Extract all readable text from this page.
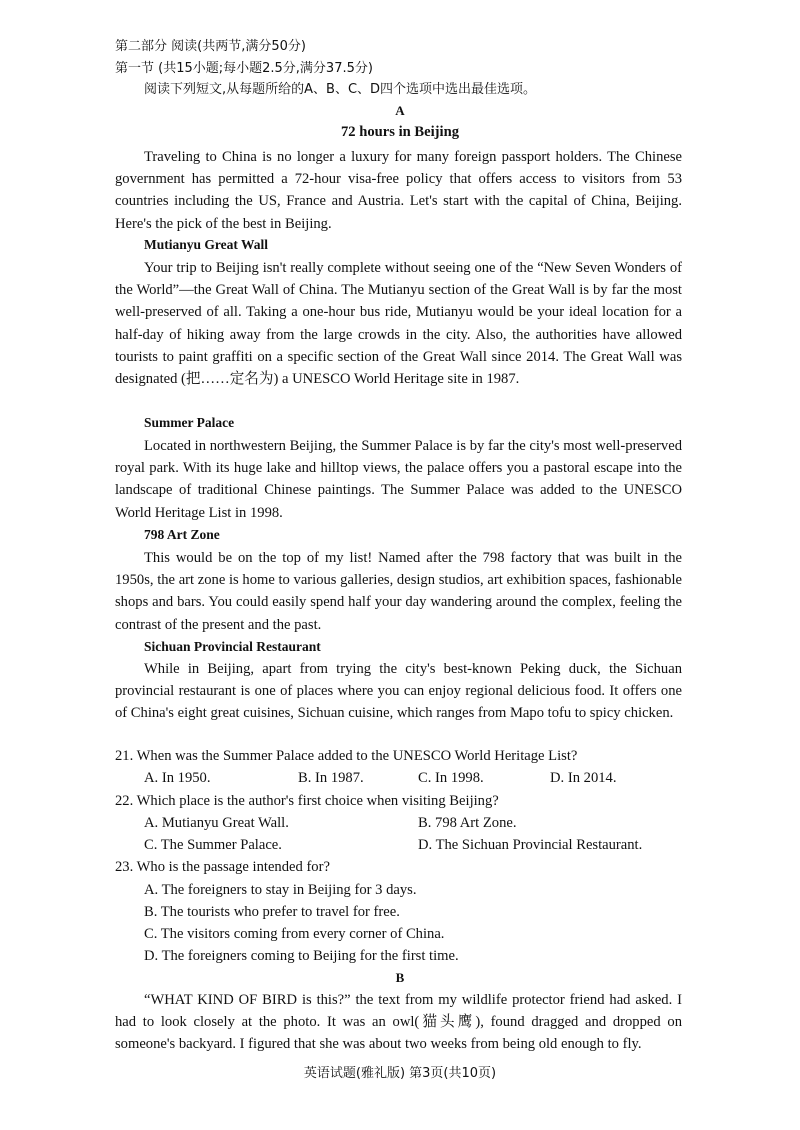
第二部分 阅读(共两节,满分50分)
第一节 (共15小题;每小题2.5分,满分37.5分)
阅读下列短文,从每题所给的A、B、C、D四个选项中选出最佳选项。
A
72 hours in Beijing

Traveling to China is no longer a luxury for many foreign passport holders. The Chinese government has permitted a 72-hour visa-free policy that offers access to visitors from 53 countries including the US, France and Austria. Let's start with the capital of China, Beijing. Here's the pick of the best in Beijing.

Mutianyu Great Wall

Your trip to Beijing isn't really complete without seeing one of the “New Seven Wonders of the World”—the Great Wall of China. The Mutianyu section of the Great Wall is by far the most well-preserved of all. Taking a one-hour bus ride, Mutianyu would be your ideal location for a half-day of hiking away from the large crowds in the city. Also, the authorities have allowed tourists to paint graffiti on a specific section of the Great Wall since 2014. The Great Wall was designated (把……定名为) a UNESCO World Heritage site in 1987.

Summer Palace

Located in northwestern Beijing, the Summer Palace is by far the city's most well-preserved royal park. With its huge lake and hilltop views, the palace offers you a pastoral escape into the landscape of traditional Chinese paintings. The Summer Palace was added to the UNESCO World Heritage List in 1998.

798 Art Zone

This would be on the top of my list! Named after the 798 factory that was built in the 1950s, the art zone is home to various galleries, design studios, art exhibition spaces, fashionable shops and bars. You could easily spend half your day wandering around the complex, feeling the contrast of the present and the past.

Sichuan Provincial Restaurant

While in Beijing, apart from trying the city's best-known Peking duck, the Sichuan provincial restaurant is one of places where you can enjoy regional delicious food. It offers one of China's eight great cuisines, Sichuan cuisine, which ranges from Mapo tofu to spicy chicken.

21. When was the Summer Palace added to the UNESCO World Heritage List?
A. In 1950.	B. In 1987.	C. In 1998.	D. In 2014.
22. Which place is the author's first choice when visiting Beijing?
A. Mutianyu Great Wall.	B. 798 Art Zone.
C. The Summer Palace.	D. The Sichuan Provincial Restaurant.
23. Who is the passage intended for?
A. The foreigners to stay in Beijing for 3 days.
B. The tourists who prefer to travel for free.
C. The visitors coming from every corner of China.
D. The foreigners coming to Beijing for the first time.
B

“WHAT KIND OF BIRD is this?” the text from my wildlife protector friend had asked. I had to look closely at the photo. It was an owl(猫头鹰), found dragged and dropped on someone's backyard. I figured that she was about two weeks from being old enough to fly.

英语试题(雅礼版) 第3页(共10页)
